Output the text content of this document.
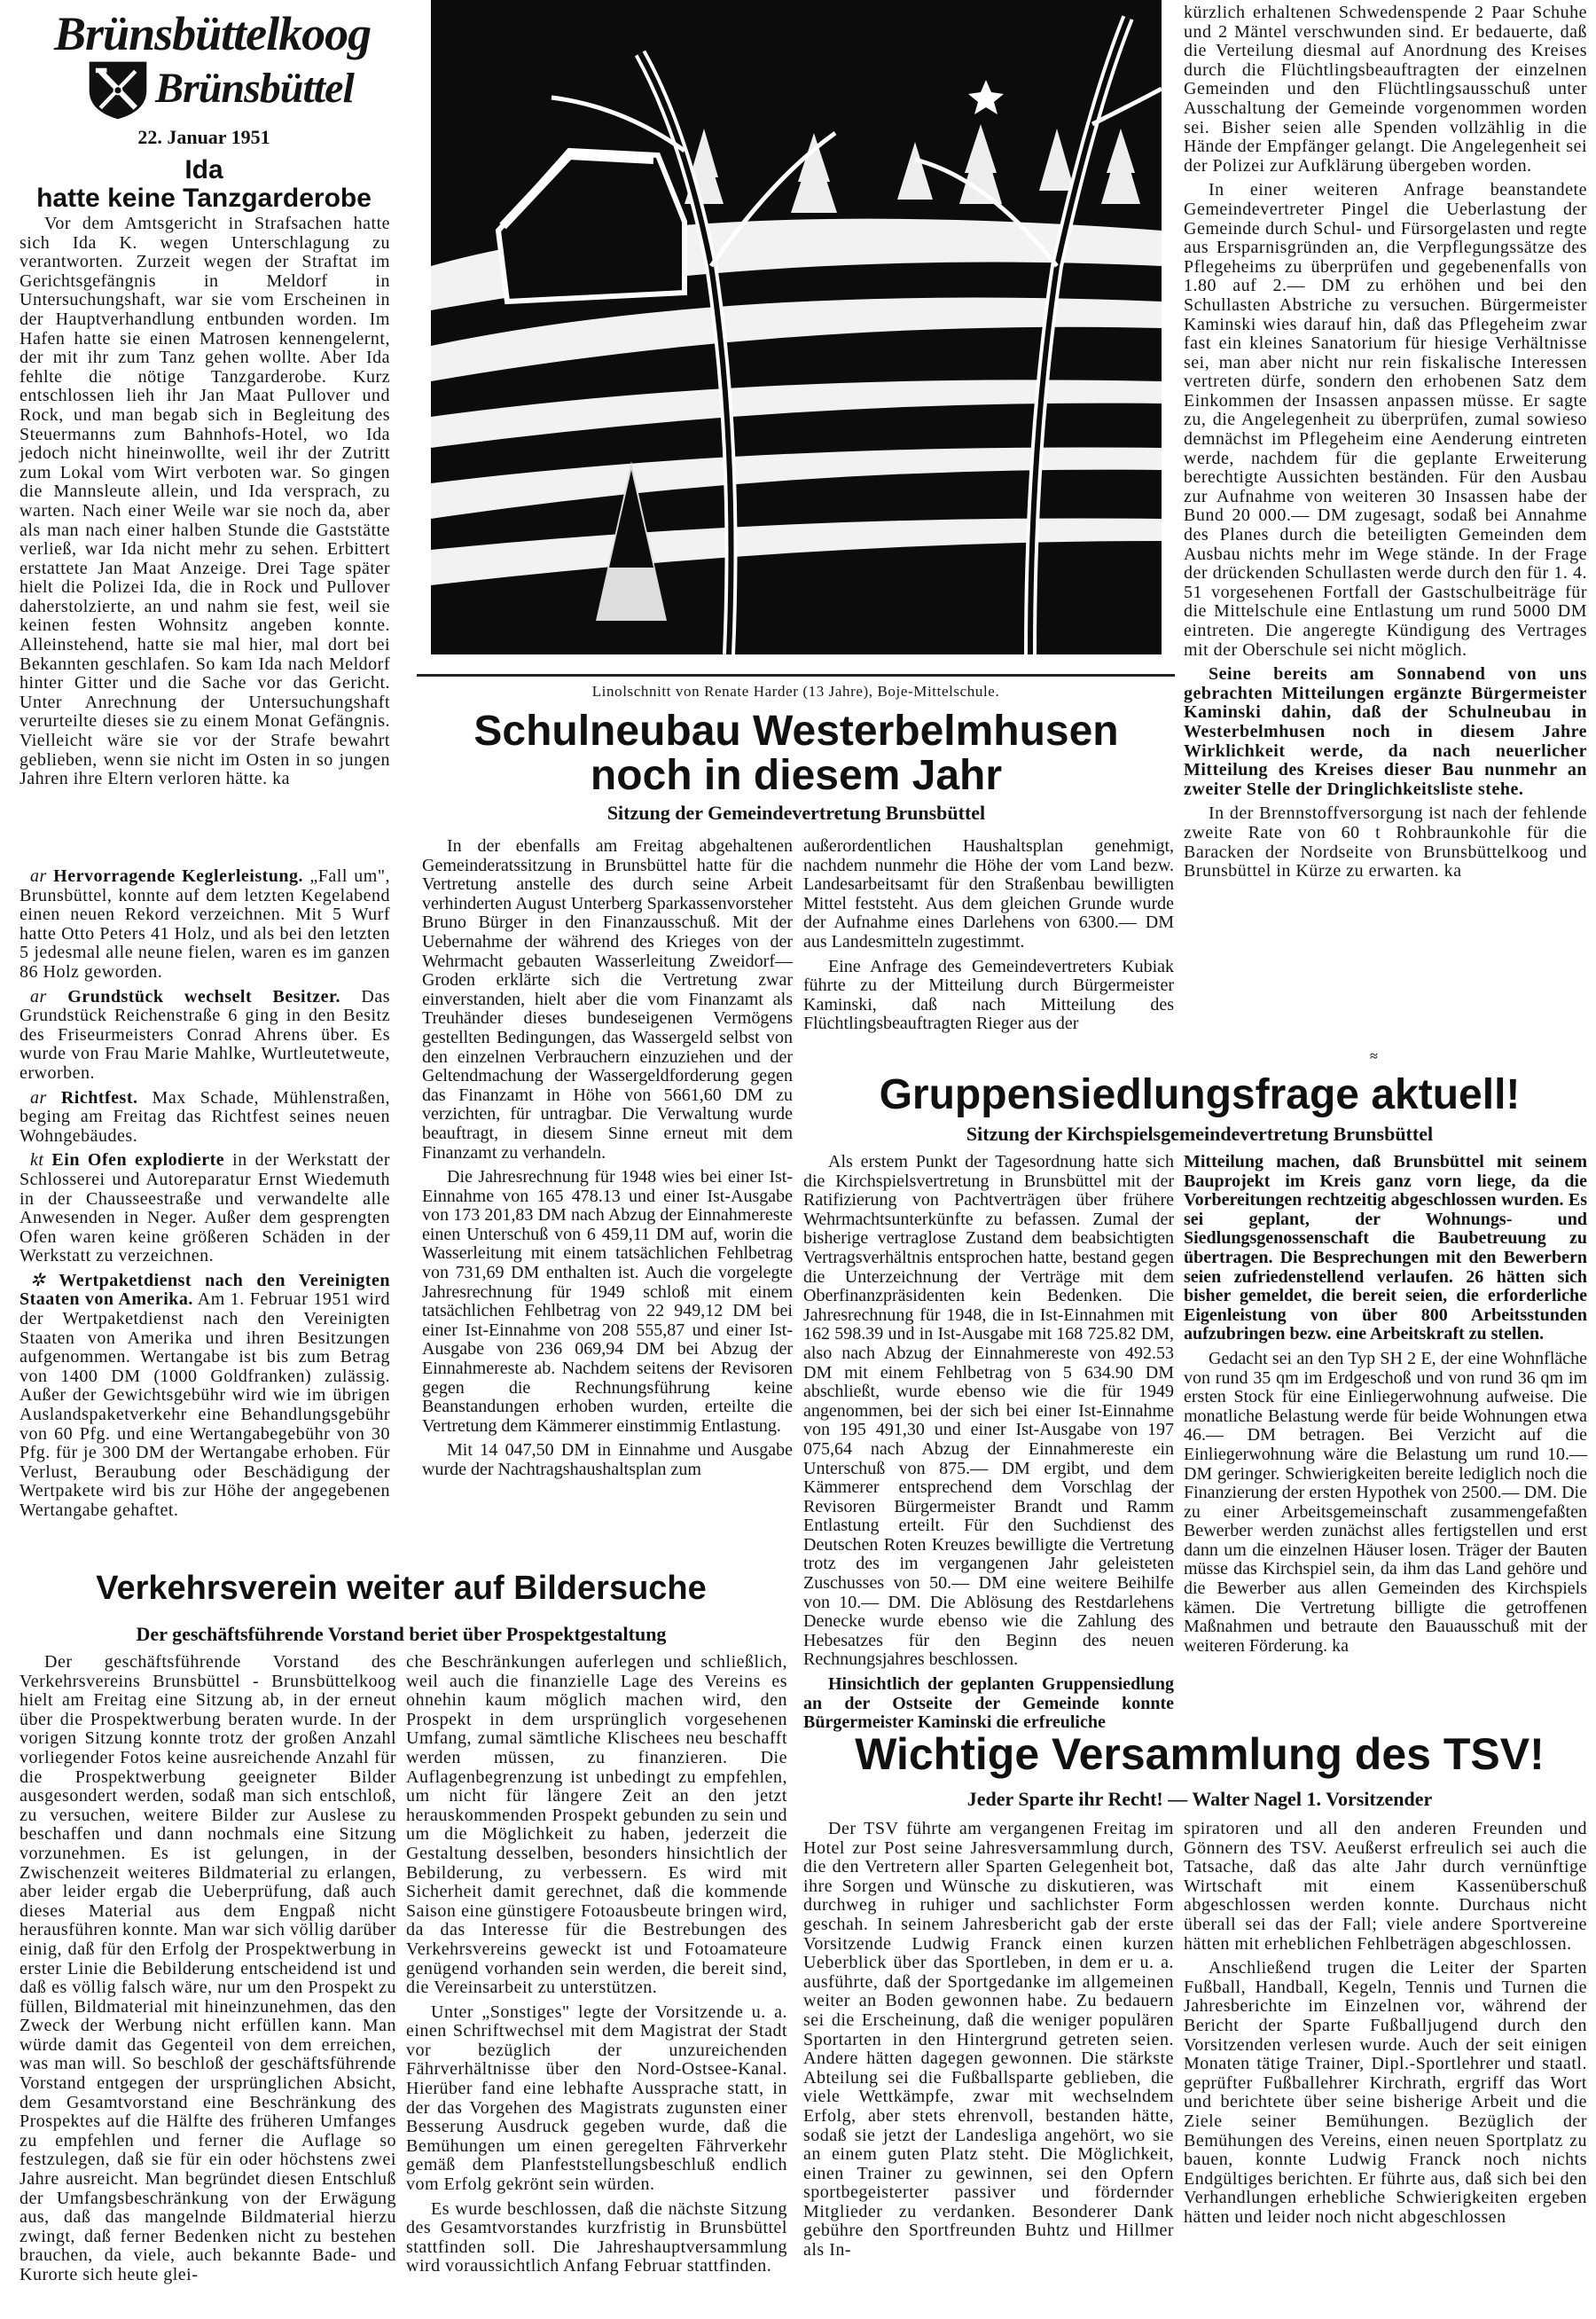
Brünsbüttelkoog
Brünsbüttel
22. Januar 1951
Ida
hatte keine Tanzgarderobe

Vor dem Amtsgericht in Strafsachen hatte sich Ida K. wegen Unterschlagung zu verantworten. Zurzeit wegen der Straftat im Gerichtsgefängnis in Meldorf in Untersuchungshaft, war sie vom Erscheinen in der Hauptverhandlung entbunden worden. Im Hafen hatte sie einen Matrosen kennengelernt, der mit ihr zum Tanz gehen wollte. Aber Ida fehlte die nötige Tanzgarderobe. Kurz entschlossen lieh ihr Jan Maat Pullover und Rock, und man begab sich in Begleitung des Steuermanns zum Bahnhofs-Hotel, wo Ida jedoch nicht hineinwollte, weil ihr der Zutritt zum Lokal vom Wirt verboten war. So gingen die Mannsleute allein, und Ida versprach, zu warten. Nach einer Weile war sie noch da, aber als man nach einer halben Stunde die Gaststätte verließ, war Ida nicht mehr zu sehen. Erbittert erstattete Jan Maat Anzeige. Drei Tage später hielt die Polizei Ida, die in Rock und Pullover daherstolzierte, an und nahm sie fest, weil sie keinen festen Wohnsitz angeben konnte. Alleinstehend, hatte sie mal hier, mal dort bei Bekannten geschlafen. So kam Ida nach Meldorf hinter Gitter und die Sache vor das Gericht. Unter Anrechnung der Untersuchungshaft verurteilte dieses sie zu einem Monat Gefängnis. Vielleicht wäre sie vor der Strafe bewahrt geblieben, wenn sie nicht im Osten in so jungen Jahren ihre Eltern verloren hätte. ka

ar Hervorragende Keglerleistung. „Fall um", Brunsbüttel, konnte auf dem letzten Kegelabend einen neuen Rekord verzeichnen. Mit 5 Wurf hatte Otto Peters 41 Holz, und als bei den letzten 5 jedesmal alle neune fielen, waren es im ganzen 86 Holz geworden.

ar Grundstück wechselt Besitzer. Das Grundstück Reichenstraße 6 ging in den Besitz des Friseurmeisters Conrad Ahrens über. Es wurde von Frau Marie Mahlke, Wurtleutetweute, erworben.

ar Richtfest. Max Schade, Mühlenstraßen, beging am Freitag das Richtfest seines neuen Wohngebäudes.

kt Ein Ofen explodierte in der Werkstatt der Schlosserei und Autoreparatur Ernst Wiedemuth in der Chausseestraße und verwandelte alle Anwesenden in Neger. Außer dem gesprengten Ofen waren keine größeren Schäden in der Werkstatt zu verzeichnen.

✲ Wertpaketdienst nach den Vereinigten Staaten von Amerika. Am 1. Februar 1951 wird der Wertpaketdienst nach den Vereinigten Staaten von Amerika und ihren Besitzungen aufgenommen. Wertangabe ist bis zum Betrag von 1400 DM (1000 Goldfranken) zulässig. Außer der Gewichtsgebühr wird wie im übrigen Auslandspaketverkehr eine Behandlungsgebühr von 60 Pfg. und eine Wertangabegebühr von 30 Pfg. für je 300 DM der Wertangabe erhoben. Für Verlust, Beraubung oder Beschädigung der Wertpakete wird bis zur Höhe der angegebenen Wertangabe gehaftet.

Linolschnitt von Renate Harder (13 Jahre), Boje-Mittelschule.

kürzlich erhaltenen Schwedenspende 2 Paar Schuhe und 2 Mäntel verschwunden sind. Er bedauerte, daß die Verteilung diesmal auf Anordnung des Kreises durch die Flüchtlingsbeauftragten der einzelnen Gemeinden und den Flüchtlingsausschuß unter Ausschaltung der Gemeinde vorgenommen worden sei. Bisher seien alle Spenden vollzählig in die Hände der Empfänger gelangt. Die Angelegenheit sei der Polizei zur Aufklärung übergeben worden.

In einer weiteren Anfrage beanstandete Gemeindevertreter Pingel die Ueberlastung der Gemeinde durch Schul- und Fürsorgelasten und regte aus Ersparnisgründen an, die Verpflegungssätze des Pflegeheims zu überprüfen und gegebenenfalls von 1.80 auf 2.— DM zu erhöhen und bei den Schullasten Abstriche zu versuchen. Bürgermeister Kaminski wies darauf hin, daß das Pflegeheim zwar fast ein kleines Sanatorium für hiesige Verhältnisse sei, man aber nicht nur rein fiskalische Interessen vertreten dürfe, sondern den erhobenen Satz dem Einkommen der Insassen anpassen müsse. Er sagte zu, die Angelegenheit zu überprüfen, zumal sowieso demnächst im Pflegeheim eine Aenderung eintreten werde, nachdem für die geplante Erweiterung berechtigte Aussichten beständen. Für den Ausbau zur Aufnahme von weiteren 30 Insassen habe der Bund 20 000.— DM zugesagt, sodaß bei Annahme des Planes durch die beteiligten Gemeinden dem Ausbau nichts mehr im Wege stände. In der Frage der drückenden Schullasten werde durch den für 1. 4. 51 vorgesehenen Fortfall der Gastschulbeiträge für die Mittelschule eine Entlastung um rund 5000 DM eintreten. Die angeregte Kündigung des Vertrages mit der Oberschule sei nicht möglich.

Seine bereits am Sonnabend von uns gebrachten Mitteilungen ergänzte Bürgermeister Kaminski dahin, daß der Schulneubau in Westerbelmhusen noch in diesem Jahre Wirklichkeit werde, da nach neuerlicher Mitteilung des Kreises dieser Bau nunmehr an zweiter Stelle der Dringlichkeitsliste stehe.

In der Brennstoffversorgung ist nach der fehlende zweite Rate von 60 t Rohbraunkohle für die Baracken der Nordseite von Brunsbüttelkoog und Brunsbüttel in Kürze zu erwarten. ka

≈
Schulneubau Westerbelmhusen
noch in diesem Jahr
Sitzung der Gemeindevertretung Brunsbüttel

In der ebenfalls am Freitag abgehaltenen Gemeinderatssitzung in Brunsbüttel hatte für die Vertretung anstelle des durch seine Arbeit verhinderten August Unterberg Sparkassenvorsteher Bruno Bürger in den Finanzausschuß. Mit der Uebernahme der während des Krieges von der Wehrmacht gebauten Wasserleitung Zweidorf—Groden erklärte sich die Vertretung zwar einverstanden, hielt aber die vom Finanzamt als Treuhänder dieses bundeseigenen Vermögens gestellten Bedingungen, das Wassergeld selbst von den einzelnen Verbrauchern einzuziehen und der Geltendmachung der Wassergeldforderung gegen das Finanzamt in Höhe von 5661,60 DM zu verzichten, für untragbar. Die Verwaltung wurde beauftragt, in diesem Sinne erneut mit dem Finanzamt zu verhandeln.

Die Jahresrechnung für 1948 wies bei einer Ist-Einnahme von 165 478.13 und einer Ist-Ausgabe von 173 201,83 DM nach Abzug der Einnahmereste einen Unterschuß von 6 459,11 DM auf, worin die Wasserleitung mit einem tatsächlichen Fehlbetrag von 731,69 DM enthalten ist. Auch die vorgelegte Jahresrechnung für 1949 schloß mit einem tatsächlichen Fehlbetrag von 22 949,12 DM bei einer Ist-Einnahme von 208 555,87 und einer Ist-Ausgabe von 236 069,94 DM bei Abzug der Einnahmereste ab. Nachdem seitens der Revisoren gegen die Rechnungsführung keine Beanstandungen erhoben wurden, erteilte die Vertretung dem Kämmerer einstimmig Entlastung.

Mit 14 047,50 DM in Einnahme und Ausgabe wurde der Nachtragshaushaltsplan zum

außerordentlichen Haushaltsplan genehmigt, nachdem nunmehr die Höhe der vom Land bezw. Landesarbeitsamt für den Straßenbau bewilligten Mittel feststeht. Aus dem gleichen Grunde wurde der Aufnahme eines Darlehens von 6300.— DM aus Landesmitteln zugestimmt.

Eine Anfrage des Gemeindevertreters Kubiak führte zu der Mitteilung durch Bürgermeister Kaminski, daß nach Mitteilung des Flüchtlingsbeauftragten Rieger aus der

Gruppensiedlungsfrage aktuell!
Sitzung der Kirchspielsgemeindevertretung Brunsbüttel

Als erstem Punkt der Tagesordnung hatte sich die Kirchspielsvertretung in Brunsbüttel mit der Ratifizierung von Pachtverträgen über frühere Wehrmachtsunterkünfte zu befassen. Zumal der bisherige vertraglose Zustand dem beabsichtigten Vertragsverhältnis entsprochen hatte, bestand gegen die Unterzeichnung der Verträge mit dem Oberfinanzpräsidenten kein Bedenken. Die Jahresrechnung für 1948, die in Ist-Einnahmen mit 162 598.39 und in Ist-Ausgabe mit 168 725.82 DM, also nach Abzug der Einnahmereste von 492.53 DM mit einem Fehlbetrag von 5 634.90 DM abschließt, wurde ebenso wie die für 1949 angenommen, bei der sich bei einer Ist-Einnahme von 195 491,30 und einer Ist-Ausgabe von 197 075,64 nach Abzug der Einnahmereste ein Unterschuß von 875.— DM ergibt, und dem Kämmerer entsprechend dem Vorschlag der Revisoren Bürgermeister Brandt und Ramm Entlastung erteilt. Für den Suchdienst des Deutschen Roten Kreuzes bewilligte die Vertretung trotz des im vergangenen Jahr geleisteten Zuschusses von 50.— DM eine weitere Beihilfe von 10.— DM. Die Ablösung des Restdarlehens Denecke wurde ebenso wie die Zahlung des Hebesatzes für den Beginn des neuen Rechnungsjahres beschlossen.

Hinsichtlich der geplanten Gruppensiedlung an der Ostseite der Gemeinde konnte Bürgermeister Kaminski die erfreuliche

Mitteilung machen, daß Brunsbüttel mit seinem Bauprojekt im Kreis ganz vorn liege, da die Vorbereitungen rechtzeitig abgeschlossen wurden. Es sei geplant, der Wohnungs- und Siedlungsgenossenschaft die Baubetreuung zu übertragen. Die Besprechungen mit den Bewerbern seien zufriedenstellend verlaufen. 26 hätten sich bisher gemeldet, die bereit seien, die erforderliche Eigenleistung von über 800 Arbeitsstunden aufzubringen bezw. eine Arbeitskraft zu stellen.

Gedacht sei an den Typ SH 2 E, der eine Wohnfläche von rund 35 qm im Erdgeschoß und von rund 36 qm im ersten Stock für eine Einliegerwohnung aufweise. Die monatliche Belastung werde für beide Wohnungen etwa 46.— DM betragen. Bei Verzicht auf die Einliegerwohnung wäre die Belastung um rund 10.— DM geringer. Schwierigkeiten bereite lediglich noch die Finanzierung der ersten Hypothek von 2500.— DM. Die zu einer Arbeitsgemeinschaft zusammengefaßten Bewerber werden zunächst alles fertigstellen und erst dann um die einzelnen Häuser losen. Träger der Bauten müsse das Kirchspiel sein, da ihm das Land gehöre und die Bewerber aus allen Gemeinden des Kirchspiels kämen. Die Vertretung billigte die getroffenen Maßnahmen und betraute den Bauausschuß mit der weiteren Förderung. ka

Verkehrsverein weiter auf Bildersuche
Der geschäftsführende Vorstand beriet über Prospektgestaltung

Der geschäftsführende Vorstand des Verkehrsvereins Brunsbüttel - Brunsbüttelkoog hielt am Freitag eine Sitzung ab, in der erneut über die Prospektwerbung beraten wurde. In der vorigen Sitzung konnte trotz der großen Anzahl vorliegender Fotos keine ausreichende Anzahl für die Prospektwerbung geeigneter Bilder ausgesondert werden, sodaß man sich entschloß, zu versuchen, weitere Bilder zur Auslese zu beschaffen und dann nochmals eine Sitzung vorzunehmen. Es ist gelungen, in der Zwischenzeit weiteres Bildmaterial zu erlangen, aber leider ergab die Ueberprüfung, daß auch dieses Material aus dem Engpaß nicht herausführen konnte. Man war sich völlig darüber einig, daß für den Erfolg der Prospektwerbung in erster Linie die Bebilderung entscheidend ist und daß es völlig falsch wäre, nur um den Prospekt zu füllen, Bildmaterial mit hineinzunehmen, das den Zweck der Werbung nicht erfüllen kann. Man würde damit das Gegenteil von dem erreichen, was man will. So beschloß der geschäftsführende Vorstand entgegen der ursprünglichen Absicht, dem Gesamtvorstand eine Beschränkung des Prospektes auf die Hälfte des früheren Umfanges zu empfehlen und ferner die Auflage so festzulegen, daß sie für ein oder höchstens zwei Jahre ausreicht. Man begründet diesen Entschluß der Umfangsbeschränkung von der Erwägung aus, daß das mangelnde Bildmaterial hierzu zwingt, daß ferner Bedenken nicht zu bestehen brauchen, da viele, auch bekannte Bade- und Kurorte sich heute glei-

che Beschränkungen auferlegen und schließlich, weil auch die finanzielle Lage des Vereins es ohnehin kaum möglich machen wird, den Prospekt in dem ursprünglich vorgesehenen Umfang, zumal sämtliche Klischees neu beschafft werden müssen, zu finanzieren. Die Auflagenbegrenzung ist unbedingt zu empfehlen, um nicht für längere Zeit an den jetzt herauskommenden Prospekt gebunden zu sein und um die Möglichkeit zu haben, jederzeit die Gestaltung desselben, besonders hinsichtlich der Bebilderung, zu verbessern. Es wird mit Sicherheit damit gerechnet, daß die kommende Saison eine günstigere Fotoausbeute bringen wird, da das Interesse für die Bestrebungen des Verkehrsvereins geweckt ist und Fotoamateure genügend vorhanden sein werden, die bereit sind, die Vereinsarbeit zu unterstützen.

Unter „Sonstiges" legte der Vorsitzende u. a. einen Schriftwechsel mit dem Magistrat der Stadt vor bezüglich der unzureichenden Fährverhältnisse über den Nord-Ostsee-Kanal. Hierüber fand eine lebhafte Aussprache statt, in der das Vorgehen des Magistrats zugunsten einer Besserung Ausdruck gegeben wurde, daß die Bemühungen um einen geregelten Fährverkehr gemäß dem Planfeststellungsbeschluß endlich vom Erfolg gekrönt sein würden.

Es wurde beschlossen, daß die nächste Sitzung des Gesamtvorstandes kurzfristig in Brunsbüttel stattfinden soll. Die Jahreshauptversammlung wird voraussichtlich Anfang Februar stattfinden.

Wichtige Versammlung des TSV!
Jeder Sparte ihr Recht! — Walter Nagel 1. Vorsitzender

Der TSV führte am vergangenen Freitag im Hotel zur Post seine Jahresversammlung durch, die den Vertretern aller Sparten Gelegenheit bot, ihre Sorgen und Wünsche zu diskutieren, was durchweg in ruhiger und sachlichster Form geschah. In seinem Jahresbericht gab der erste Vorsitzende Ludwig Franck einen kurzen Ueberblick über das Sportleben, in dem er u. a. ausführte, daß der Sportgedanke im allgemeinen weiter an Boden gewonnen habe. Zu bedauern sei die Erscheinung, daß die weniger populären Sportarten in den Hintergrund getreten seien. Andere hätten dagegen gewonnen. Die stärkste Abteilung sei die Fußballsparte geblieben, die viele Wettkämpfe, zwar mit wechselndem Erfolg, aber stets ehrenvoll, bestanden hätte, sodaß sie jetzt der Landesliga angehört, wo sie an einem guten Platz steht. Die Möglichkeit, einen Trainer zu gewinnen, sei den Opfern sportbegeisterter passiver und fördernder Mitglieder zu verdanken. Besonderer Dank gebühre den Sportfreunden Buhtz und Hillmer als In-

spiratoren und all den anderen Freunden und Gönnern des TSV. Aeußerst erfreulich sei auch die Tatsache, daß das alte Jahr durch vernünftige Wirtschaft mit einem Kassenüberschuß abgeschlossen werden konnte. Durchaus nicht überall sei das der Fall; viele andere Sportvereine hätten mit erheblichen Fehlbeträgen abgeschlossen.

Anschließend trugen die Leiter der Sparten Fußball, Handball, Kegeln, Tennis und Turnen die Jahresberichte im Einzelnen vor, während der Bericht der Sparte Fußballjugend durch den Vorsitzenden verlesen wurde. Auch der seit einigen Monaten tätige Trainer, Dipl.-Sportlehrer und staatl. geprüfter Fußballehrer Kirchrath, ergriff das Wort und berichtete über seine bisherige Arbeit und die Ziele seiner Bemühungen. Bezüglich der Bemühungen des Vereins, einen neuen Sportplatz zu bauen, konnte Ludwig Franck noch nichts Endgültiges berichten. Er führte aus, daß sich bei den Verhandlungen erhebliche Schwierigkeiten ergeben hätten und leider noch nicht abgeschlossen
